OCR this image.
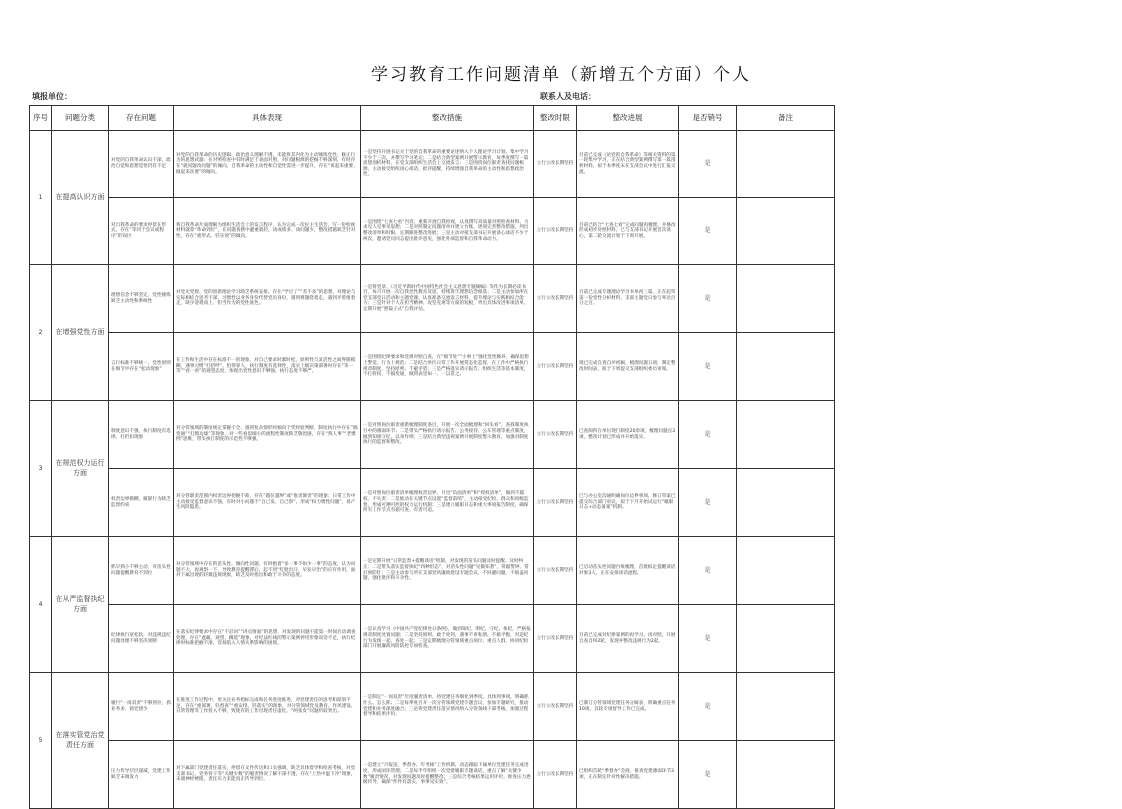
学习教育工作问题清单（新增五个方面）个人
填报单位：	联系人及电话：
序号	问题分类	存在问题	具体表现	整改措施	整改时限	整改进展	是否销号	备注
1	在提高认识方面	对党的自我革命认识不深，政治自觉和思想觉悟仍有不足	对党的自我革命的历史逻辑、政治意义理解不透，未能将其内化为主动锤炼党性、修正行为的思想武器；在对照检查中有时满足于表面对照，对问题根源的挖掘不够深刻，有时存在“就问题改问题”的倾向，自我革命的主动性和自觉性需进一步提升，存在“说起来重要、做起来次要”的倾向。	一是坚持开展书记关于党的自我革命的重要论述纳入个人理论学习计划，集中学习不少于三次，并撰写学习笔记；二是结合典型案例开展警示教育，每季度撰写一篇思想剖析材料，在党支部组织生活会上交流发言；三是围绕岗位职责查找问题根源，主动接受组织谈心谈话、批评提醒，持续增强自我革命的主动性和思想政治性。	立行立改长期坚持	目前已完成《论党的自我革命》等相关资料的第一轮集中学习，正在结合典型案例撰写第一篇剖析材料，拟于本季度末在支部会议中进行汇报交流。	是	
		对自我革命的要求停留在形式，存在“等同于会议或程序”的误区	将自我革命片面理解为组织生活会上的发言程序，认为完成一次民主生活会、写一份检视材料就算“革命到位”，在问题查摆中避重就轻，谈成绩多、谈问题少，整改措施缺乏针对性，存在“重形式、轻实效”的倾向。	一是围绕“七查七看”内容，重新开展自我检视，认真撰写高质量对照检查材料，力求见人见事见思想；二是对照制定问题清单并建立台账，逐项完善整改措施，列出整改清单和时限，定期跟进整改进展；三是主动对接支部书记开展谈心谈话不少于两次，邀请党员同志提出批评意见，强化外部监督和自我革命动力。	立行立改长期坚持	目前已结合“七查七看”完成问题再梳理，并修改形成初步对照材料，已与支部书记开展首次谈心，第二轮交流计划于下周开展。	是	
2	在增强党性方面	理想信念不够坚定，党性锤炼缺乏主动性和系统性	对党史党规、党的创新理论学习缺乏系统安排，存在“学过了”“差不多”的思想，对理论与实际相结合思考不深，习惯性以业务身份代替党员身份，遇到难题绕着走，遇到矛盾推着走，缺少迎难而上、担当作为的党性底色。	一是将党章、《习近平新时代中国特色社会主义思想专题摘编》等作为长期必读书目，每月开展一次自我党性教育反思，持续筑牢理想信念根基；二是主动参加所在党支部党日活动和主题党课，认真准备交流发言材料，提升理论与实践相结合能力；三是针对个人在担当精神、攻坚克难等方面的短板，列出具体改进事项清单，定期开展“照镜子式”自我评估。	立行立改长期坚持	目前已完成专题理论学习书单初三篇，正在起草第一份党性分析材料，支部主题党日参与率达百分之百。	是	
		言行标准不够统一，党性原则在细节中存在“松动现象”	在工作和生活中存在标准不一的现象，对自己要求时紧时松，原则性与灵活性之间界限模糊，遇事习惯“打招呼”、怕得罪人，执行制度有选择性，落实上级决策部署时存在“等一等”“看一看”的观望态度，体现出党性意识不够强、执行态度不够严。	一是围绕纪律要求和党规对照自查，在“细节处”“小事上”强化党性修养，确保思想上警觉、行为上规范；二是结合单位日常工作开展常态化监督，在工作中严格执行规章制度，坚持原则、不避矛盾；三是严格落实请示报告、组织生活等基本制度，不打折扣、不搞变通，做到表里如一、一以贯之。	立行立改长期坚持	现已完成自查自评初稿，梳理问题五项，制定整改时间表，拟于下周提交支部组织委员审阅。	是	
3	在规范权力运行方面	制度意识不强，执行制度有选择、打折扣现象	对分管领域的制度规定掌握不全，遇到复杂情形时倾向于凭经验判断，制度执行中存在“搞变通”“打擦边球”等现象，对一些看似细小的流程性制度缺乏敬畏感，存在“熟人事”“老惯例”思维，带头执行制度的示范性不够强。	一是对照岗位职责重新梳理制度条目，开展一次全面梳理和“回头看”，查找制度执行中的薄弱环节；二是带头严格执行请示报告、公务接待、公车管理等重点制度，做到知规守纪、以身作则；三是结合典型违规案例开展制度警示教育，加强对制度执行的监督和整改。	立行立改长期坚持	已查阅所在单位现行制度20余项，梳理问题点3项，整改计划已形成并开始落实。	是	
		权责边界模糊，履职行为缺乏监督约束	对分管职责范围内权责边界把握不准，存在“越位越界”或“推责卸责”的现象；日常工作中主动接受监督意识不强，有时对小问题不“自己发、自己察”，形成“权力惯性问题”，易产生风险隐患。	一是对照岗位职责清单梳理权责边界，开出“负面清单”和“授权清单”，做到不越权、不失责；二是推动在关键节点设置“监督前哨”，主动接受纪检、群众和同级监督，形成可溯可控的权力运行机制；三是建立履职日志和重大事项报告制度，确保所有工作节点有据可查、有责可追。	立行立改长期坚持	已与办公室沟通明确岗位边界事项，修订草案已提交综合部门审议，拟于下月开始试运行“履职日志+动态备案”机制。	是	
4	在从严监督执纪方面	抓早抓小不够主动，对苗头性问题提醒教育不到位	对分管领域中存在的苗头性、倾向性问题，有时抱着“多一事不如少一事”的态度，认为问题不大、再观察一下，导致教育提醒滞后，起不到“红脸出汗、早发早治”的应有作用，面对下属出现的轻微违规现象，缺乏及时指出和敢于斗争的态度。	一是定期开展“日常监督+提醒谈话”机制，对发现的苗头问题及时提醒、及时纠正；二是带头落实监督执纪“四种形态”，对苗头性问题“见微知著”，常敲警钟、常打预防针；三是主动参与所在支部党风廉政建设专题会议，不回避问题，不搞盖问题，强化批评和斗争性。	立行立改长期坚持	已启动苗头性问题台账梳理，首批拟定提醒谈话对象3人，正在安排谈话流程。	是	
		纪律执行宽松软，对违规违纪问题处理不够坚决果断	在落实纪律要求中存在“不忍问”“讲点情面”的思想，对发现的问题不能第一时间启动调查处理，存在“遮蔽、观望、搁延”现象，对纪法红线的警示案例停用形象说话不足，执行纪律时标准把握不准，容易陷入人情关系影响的困境。	一是认真学习《中国共产党纪律处分条例》，做到知纪、明纪、守纪、执纪，严格按规章制度处置问题；二是坚持原则、敢于亮剑，遇事不讲私情、不搞平衡，对违纪行为发现一起、查处一起；三是定期梳理分管领域重点岗位、重点人群，协同纪检部门开展廉政风险防控专项检查。	立行立改长期坚持	目前已完成对纪律案例的再学习、再对照，开展自查自纠2轮，发现并整改违规行为2起。	是	
5	在落实管党治党责任方面	履行“一岗双责”不够到位，抓业务多、抓党建少	在推进工作过程中，更关注业务指标完成和任务进度推进，对党建责任的思考和谋划不足，存在“重部署、轻督查”“重安排、轻落实”的现象，对分管领域党员教育、作风建设、日常管理等工作投入不够，致使有的工作出现责任虚化、“两张皮”问题仍较突出。	一是制定“一岗双责”年度履责清单，将党建任务细化到季度、具体到事项，明确抓什么、怎么抓；二是每季度召开一次分管领域党建专题会议，参加专题研究，推动党建和业务深度融合；三是将党建责任落实情况纳入分管条线干部考核，加强过程督导和结果评价。	立行立改长期坚持	已制订分管领域党建任务分解表，明确重点任务10项，首轮专项督导工作已完成。	是	
		压力传导层层递减，党建工作缺乏末端发力	对下属部门党建责任落实，停留在文件传达和口头强调，缺乏具体督导和检查考核，对党支部书记、党务骨干等“关键少数”的履责情况了解不深不透，存在“上热中温下冷”现象，末端神经梗阻，责任压力未能真正传导到位。	一是建立“月报送、季督办、年考核”工作机制，动态跟踪下属单位党建任务完成进度，形成闭环管理；二是每半年组织一次党建履职专题谈话，重点了解“关键少数”履责情况，对发现问题及时提醒整改；三是综合考核结果运用评价，推进压力逐级传导，确保“件件有落实、事事见实效”。	立行立改长期坚持	已组织首轮“季督办”会商，排查党建薄弱环节3项，正在制定针对性解决措施。	是	
